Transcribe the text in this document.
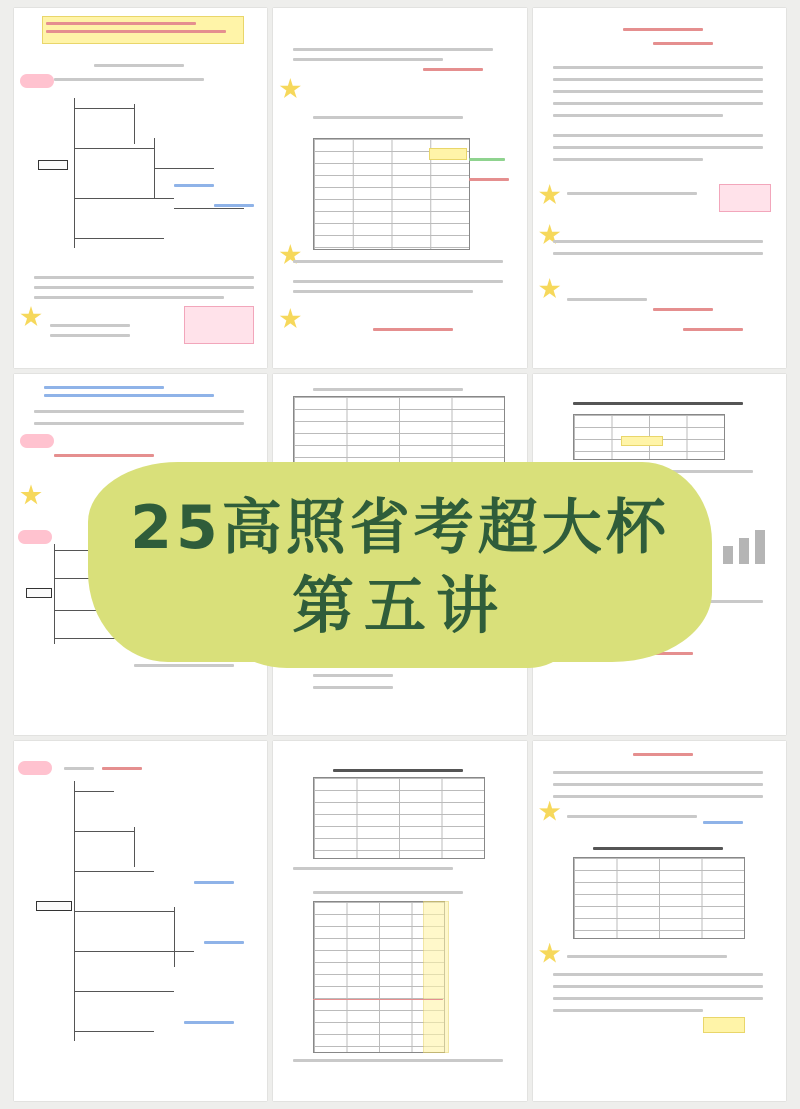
25高照省考超大杯
第五讲
